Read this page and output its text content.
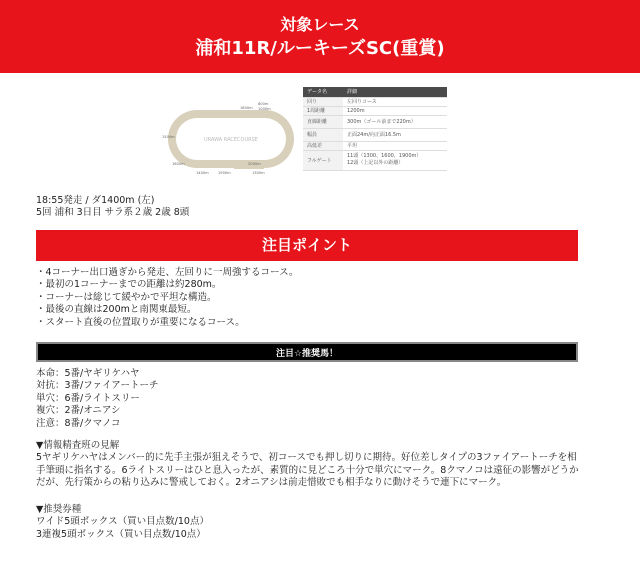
対象レース
浦和11R/ルーキーズSC(重賞)
URAWA RACECOURSE
1800m
800m
1000m
1500m
1600m
1400m	1900m
2000m
1300m
データ名	詳細
回り	左回りコース
1周距離	1200m
直線距離	300m（ゴール前まで220m）
幅員	正面24m/向正面16.5m
高低差	平坦
フルゲート	11頭（1300、1600、1900m）
12頭（上記以外の距離）
18:55発走 / ダ1400m (左)
5回 浦和 3日目 サラ系２歳 2歳 8頭
注目ポイント
・4コーナー出口過ぎから発走、左回りに一周強するコース。
・最初の1コーナーまでの距離は約280m。
・コーナーは総じて緩やかで平坦な構造。
・最後の直線は200mと南関東最短。
・スタート直後の位置取りが重要になるコース。
注目☆推奨馬！
本命：5番/ヤギリケハヤ
対抗：3番/ファイアートーチ
単穴：6番/ライトスリー
複穴：2番/オニアシ
注意：8番/クマノコ
▼情報精査班の見解
5ヤギリケハヤはメンバー的に先手主張が狙えそうで、初コースでも押し切りに期待。好位差しタイプの3ファイアートーチを相手筆頭に指名する。6ライトスリーはひと息入ったが、素質的に見どころ十分で単穴にマーク。8クマノコは遠征の影響がどうかだが、先行策からの粘り込みに警戒しておく。2オニアシは前走惜敗でも相手なりに動けそうで連下にマーク。
▼推奨券種
ワイド5頭ボックス（買い目点数/10点）
3連複5頭ボックス（買い目点数/10点）
